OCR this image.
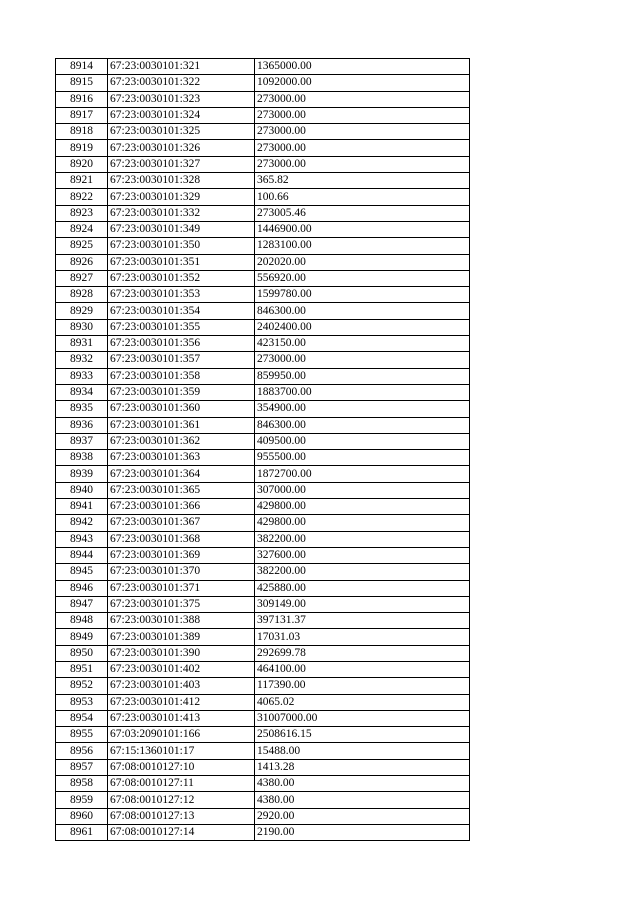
8914	67:23:0030101:321	1365000.00
8915	67:23:0030101:322	1092000.00
8916	67:23:0030101:323	273000.00
8917	67:23:0030101:324	273000.00
8918	67:23:0030101:325	273000.00
8919	67:23:0030101:326	273000.00
8920	67:23:0030101:327	273000.00
8921	67:23:0030101:328	365.82
8922	67:23:0030101:329	100.66
8923	67:23:0030101:332	273005.46
8924	67:23:0030101:349	1446900.00
8925	67:23:0030101:350	1283100.00
8926	67:23:0030101:351	202020.00
8927	67:23:0030101:352	556920.00
8928	67:23:0030101:353	1599780.00
8929	67:23:0030101:354	846300.00
8930	67:23:0030101:355	2402400.00
8931	67:23:0030101:356	423150.00
8932	67:23:0030101:357	273000.00
8933	67:23:0030101:358	859950.00
8934	67:23:0030101:359	1883700.00
8935	67:23:0030101:360	354900.00
8936	67:23:0030101:361	846300.00
8937	67:23:0030101:362	409500.00
8938	67:23:0030101:363	955500.00
8939	67:23:0030101:364	1872700.00
8940	67:23:0030101:365	307000.00
8941	67:23:0030101:366	429800.00
8942	67:23:0030101:367	429800.00
8943	67:23:0030101:368	382200.00
8944	67:23:0030101:369	327600.00
8945	67:23:0030101:370	382200.00
8946	67:23:0030101:371	425880.00
8947	67:23:0030101:375	309149.00
8948	67:23:0030101:388	397131.37
8949	67:23:0030101:389	17031.03
8950	67:23:0030101:390	292699.78
8951	67:23:0030101:402	464100.00
8952	67:23:0030101:403	117390.00
8953	67:23:0030101:412	4065.02
8954	67:23:0030101:413	31007000.00
8955	67:03:2090101:166	2508616.15
8956	67:15:1360101:17	15488.00
8957	67:08:0010127:10	1413.28
8958	67:08:0010127:11	4380.00
8959	67:08:0010127:12	4380.00
8960	67:08:0010127:13	2920.00
8961	67:08:0010127:14	2190.00
